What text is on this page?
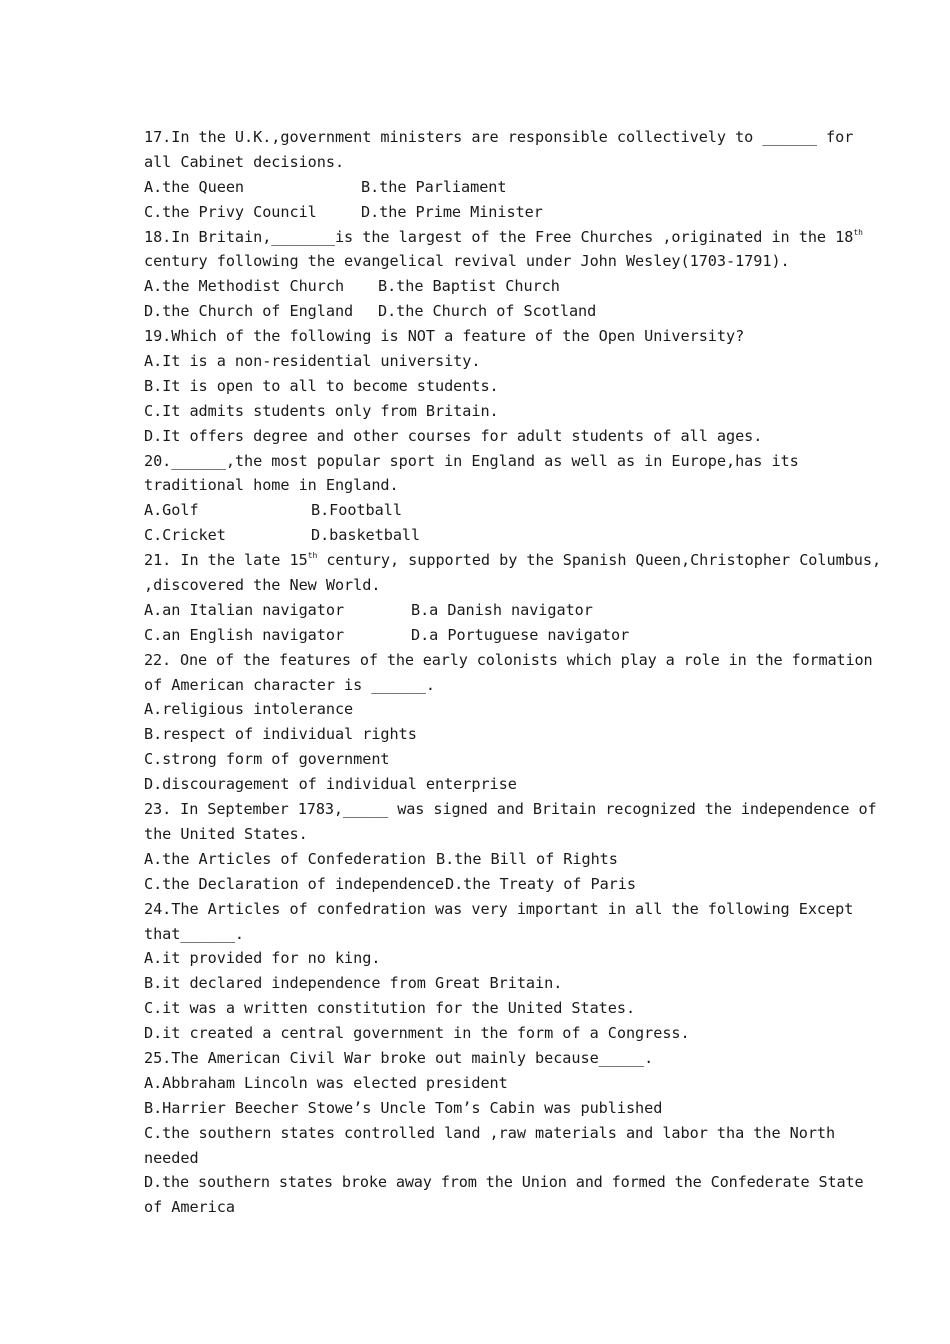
17.In the U.K.,government ministers are responsible collectively to ______ for
all Cabinet decisions.
A.the Queen	B.the Parliament
C.the Privy Council	D.the Prime Minister
18.In Britain,_______is the largest of the Free Churches ,originated in the 18th
century following the evangelical revival under John Wesley(1703-1791).
A.the Methodist Church B.the Baptist Church
D.the Church of England D.the Church of Scotland
19.Which of the following is NOT a feature of the Open University?
A.It is a non-residential university.
B.It is open to all to become students.
C.It admits students only from Britain.
D.It offers degree and other courses for adult students of all ages.
20.______,the most popular sport in England as well as in Europe,has its
traditional home in England.
A.Golf	B.Football
C.Cricket	D.basketball
21. In the late 15th century, supported by the Spanish Queen,Christopher Columbus,
,discovered the New World.
A.an Italian navigator	B.a Danish navigator
C.an English navigator	D.a Portuguese navigator
22. One of the features of the early colonists which play a role in the formation
of American character is ______.
A.religious intolerance
B.respect of individual rights
C.strong form of government
D.discouragement of individual enterprise
23. In September 1783,_____ was signed and Britain recognized the independence of
the United States.
A.the Articles of Confederation B.the Bill of Rights
C.the Declaration of independenceD.the Treaty of Paris
24.The Articles of confedration was very important in all the following Except
that______.
A.it provided for no king.
B.it declared independence from Great Britain.
C.it was a written constitution for the United States.
D.it created a central government in the form of a Congress.
25.The American Civil War broke out mainly because_____.
A.Abbraham Lincoln was elected president
B.Harrier Beecher Stowe’s Uncle Tom’s Cabin was published
C.the southern states controlled land ,raw materials and labor tha the North
needed
D.the southern states broke away from the Union and formed the Confederate State
of America
